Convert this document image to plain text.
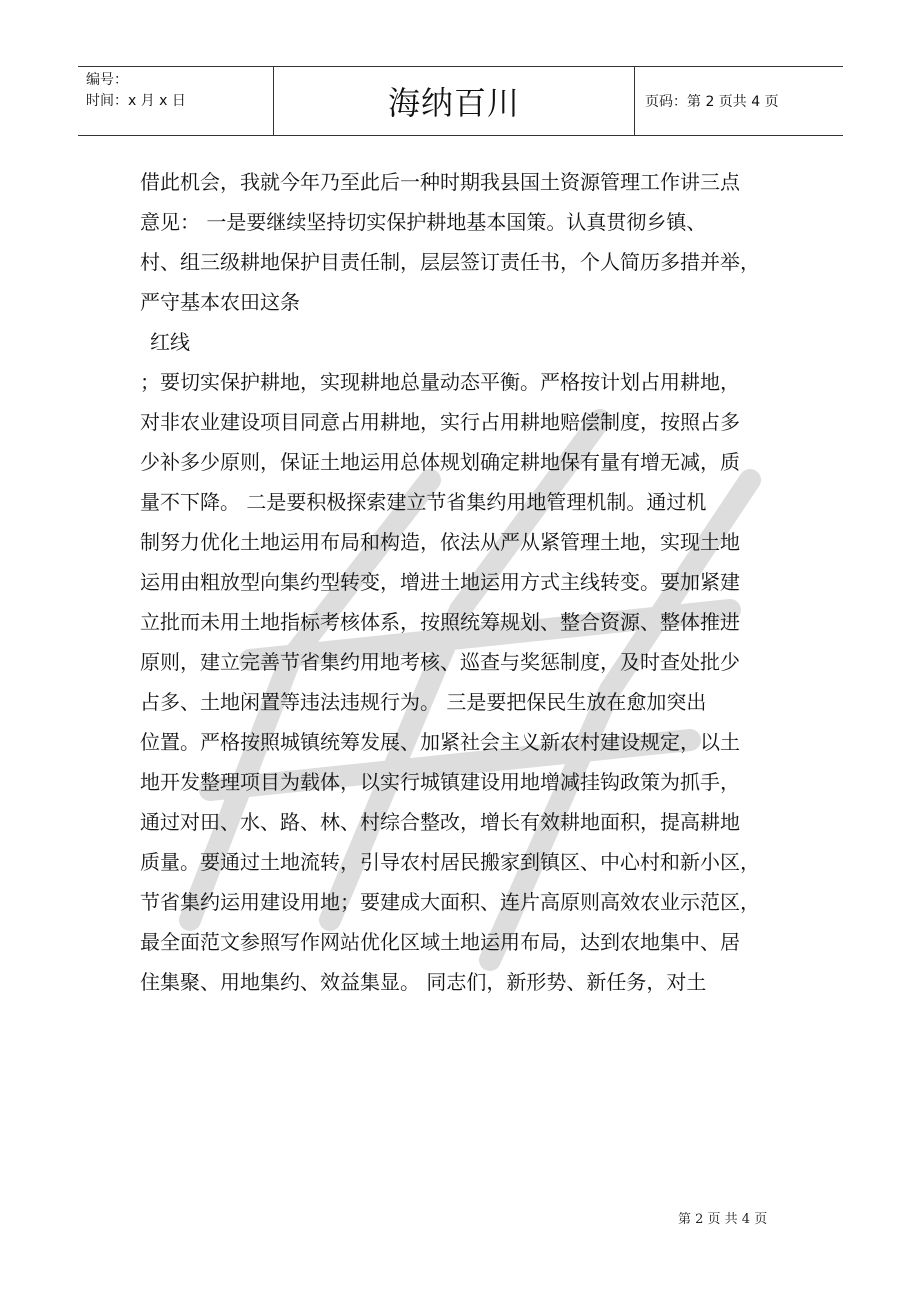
编号：
时间：x 月 x 日	海纳百川	页码：第 2 页共 4 页
借此机会，我就今年乃至此后一种时期我县国土资源管理工作讲三点
意见： 一是要继续坚持切实保护耕地基本国策。认真贯彻乡镇、
村、组三级耕地保护目责任制，层层签订责任书，个人简历多措并举，
严守基本农田这条
红线
；要切实保护耕地，实现耕地总量动态平衡。严格按计划占用耕地，
对非农业建设项目同意占用耕地，实行占用耕地赔偿制度，按照占多
少补多少原则，保证土地运用总体规划确定耕地保有量有增无减，质
量不下降。 二是要积极探索建立节省集约用地管理机制。通过机
制努力优化土地运用布局和构造，依法从严从紧管理土地，实现土地
运用由粗放型向集约型转变，增进土地运用方式主线转变。要加紧建
立批而未用土地指标考核体系，按照统筹规划、整合资源、整体推进
原则，建立完善节省集约用地考核、巡查与奖惩制度，及时查处批少
占多、土地闲置等违法违规行为。 三是要把保民生放在愈加突出
位置。严格按照城镇统筹发展、加紧社会主义新农村建设规定，以土
地开发整理项目为载体，以实行城镇建设用地增减挂钩政策为抓手，
通过对田、水、路、林、村综合整改，增长有效耕地面积，提高耕地
质量。要通过土地流转，引导农村居民搬家到镇区、中心村和新小区，
节省集约运用建设用地；要建成大面积、连片高原则高效农业示范区，
最全面范文参照写作网站优化区域土地运用布局，达到农地集中、居
住集聚、用地集约、效益集显。 同志们，新形势、新任务，对土
第 2 页 共 4 页
